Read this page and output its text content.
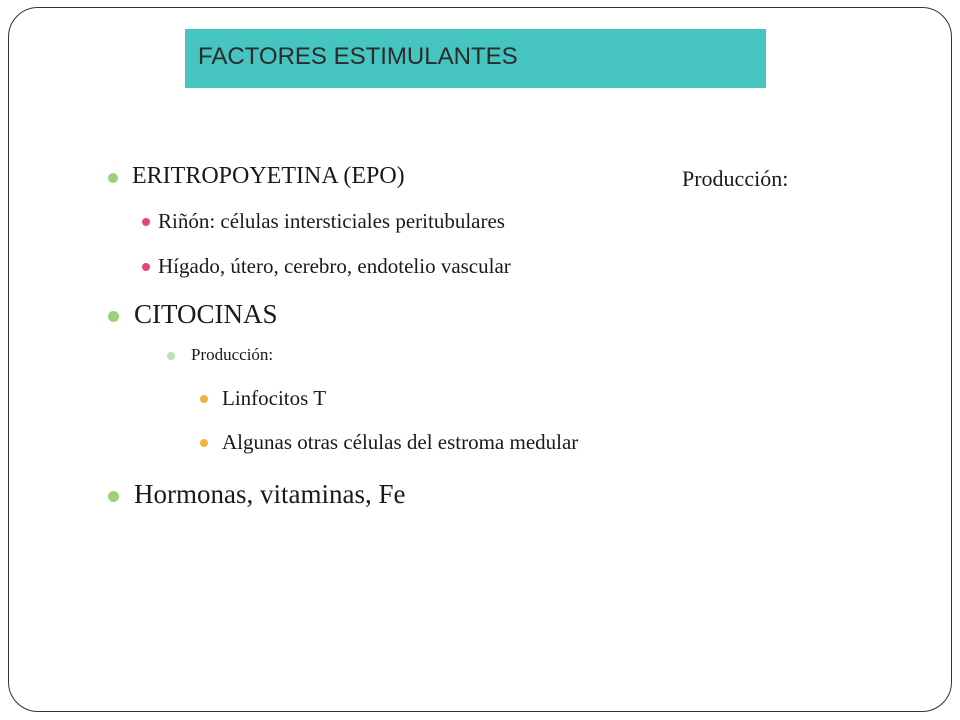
FACTORES ESTIMULANTES
ERITROPOYETINA (EPO)	Producción:
Riñón: células intersticiales peritubulares
Hígado, útero, cerebro, endotelio vascular
CITOCINAS
Producción:
Linfocitos T
Algunas otras células del estroma medular
Hormonas, vitaminas, Fe
